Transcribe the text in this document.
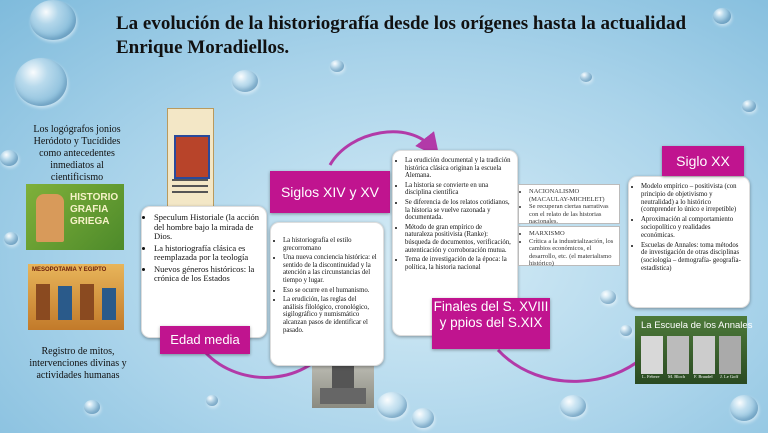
La evolución de la historiografía desde los orígenes hasta la actualidad
Enrique Moradiellos.
Los logógrafos jonios Heródoto y Tucídides como antecedentes inmediatos al cientificismo
Registro de mitos, intervenciones divinas y actividades humanas
HISTORIO GRAFIA GRIEGA
MESOPOTAMIA Y EGIPTO
La Escuela de los Annales
L. Febvre M. Bloch F. Braudel J. Le Goff
• Speculum Historiale (la acción del hombre bajo la mirada de Dios.
• La historiografía clásica es reemplazada por la teología
• Nuevos géneros históricos: la crónica de los Estados
Edad media
• La historiografía el estilo grecorromano
• Una nueva conciencia histórica: el sentido de la discontinuidad y la atención a las circunstancias del tiempo y lugar.
• Eso se ocurre en el humanismo.
• La erudición, las reglas del análisis filológico, cronológico, sigilográfico y numismático alcanzan pasos de identificar el pasado.
Siglos XIV y XV
• La erudición documental y la tradición histórica clásica originan la escuela Alemana.
• La historia se convierte en una disciplina científica
• Se diferencia de los relatos cotidianos, la historia se vuelve razonada y documentada.
• Método de gran empírico de naturaleza positivista (Ranke): búsqueda de documentos, verificación, autenticación y corroboración mutua.
• Tema de investigación de la época: la política, la historia nacional
• NACIONALISMO (MACAULAY-MICHELET)
• Se recuperan ciertas narrativas con el relato de las historias nacionales.
• MARXISMO
• Crítica a la industrialización, los cambios económicos, el desarrollo, etc. (el materialismo histórico)
Finales del S. XVIII y ppios del S.XIX
• Modelo empírico – positivista (con principio de objetivismo y neutralidad) a lo histórico (comprender lo único e irrepetible)
• Aproximación al comportamiento sociopolítico y realidades económicas.
• Escuelas de Annales: toma métodos de investigación de otras disciplinas (sociología – demografía- geografía-estadística)
Siglo XX
